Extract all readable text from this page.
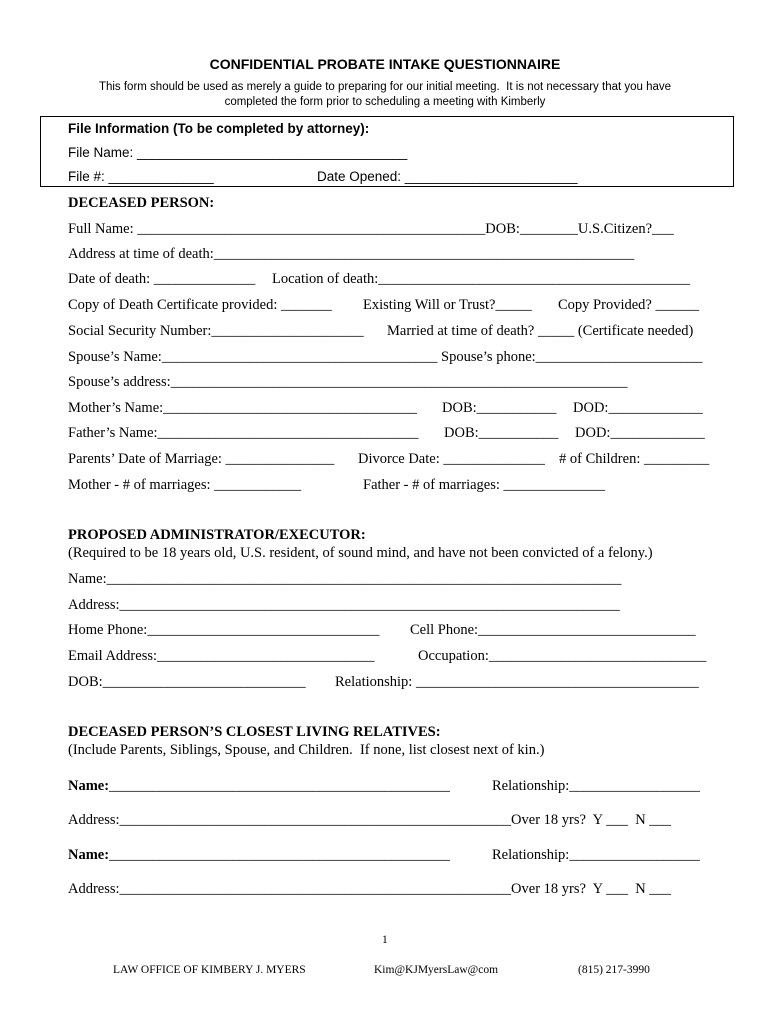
CONFIDENTIAL PROBATE INTAKE QUESTIONNAIRE
This form should be used as merely a guide to preparing for our initial meeting.  It is not necessary that you have
completed the form prior to scheduling a meeting with Kimberly
File Information (To be completed by attorney):
File Name: ____________________________________
File #: ______________	Date Opened: _______________________
DECEASED PERSON:
Full Name: ________________________________________________DOB:________U.S.Citizen?___
Address at time of death:__________________________________________________________
Date of death: ______________ Location of death:___________________________________________
Copy of Death Certificate provided: _______ Existing Will or Trust?_____ Copy Provided? ______
Social Security Number:_____________________ Married at time of death? _____ (Certificate needed)
Spouse’s Name:______________________________________ Spouse’s phone:_______________________
Spouse’s address:_______________________________________________________________
Mother’s Name:___________________________________ DOB:___________ DOD:_____________
Father’s Name:____________________________________ DOB:___________ DOD:_____________
Parents’ Date of Marriage: _______________ Divorce Date: ______________ # of Children: _________
Mother - # of marriages: ____________	Father - # of marriages: ______________
PROPOSED ADMINISTRATOR/EXECUTOR:
(Required to be 18 years old, U.S. resident, of sound mind, and have not been convicted of a felony.)
Name:_______________________________________________________________________
Address:_____________________________________________________________________
Home Phone:________________________________ Cell Phone:______________________________
Email Address:______________________________	Occupation:______________________________
DOB:____________________________ Relationship: _______________________________________
DECEASED PERSON’S CLOSEST LIVING RELATIVES:
(Include Parents, Siblings, Spouse, and Children.  If none, list closest next of kin.)
Name:_______________________________________________	Relationship:__________________
Address:______________________________________________________Over 18 yrs?  Y ___  N ___
Name:_______________________________________________	Relationship:__________________
Address:______________________________________________________Over 18 yrs?  Y ___  N ___
1
LAW OFFICE OF KIMBERY J. MYERS	Kim@KJMyersLaw@com	(815) 217-3990
